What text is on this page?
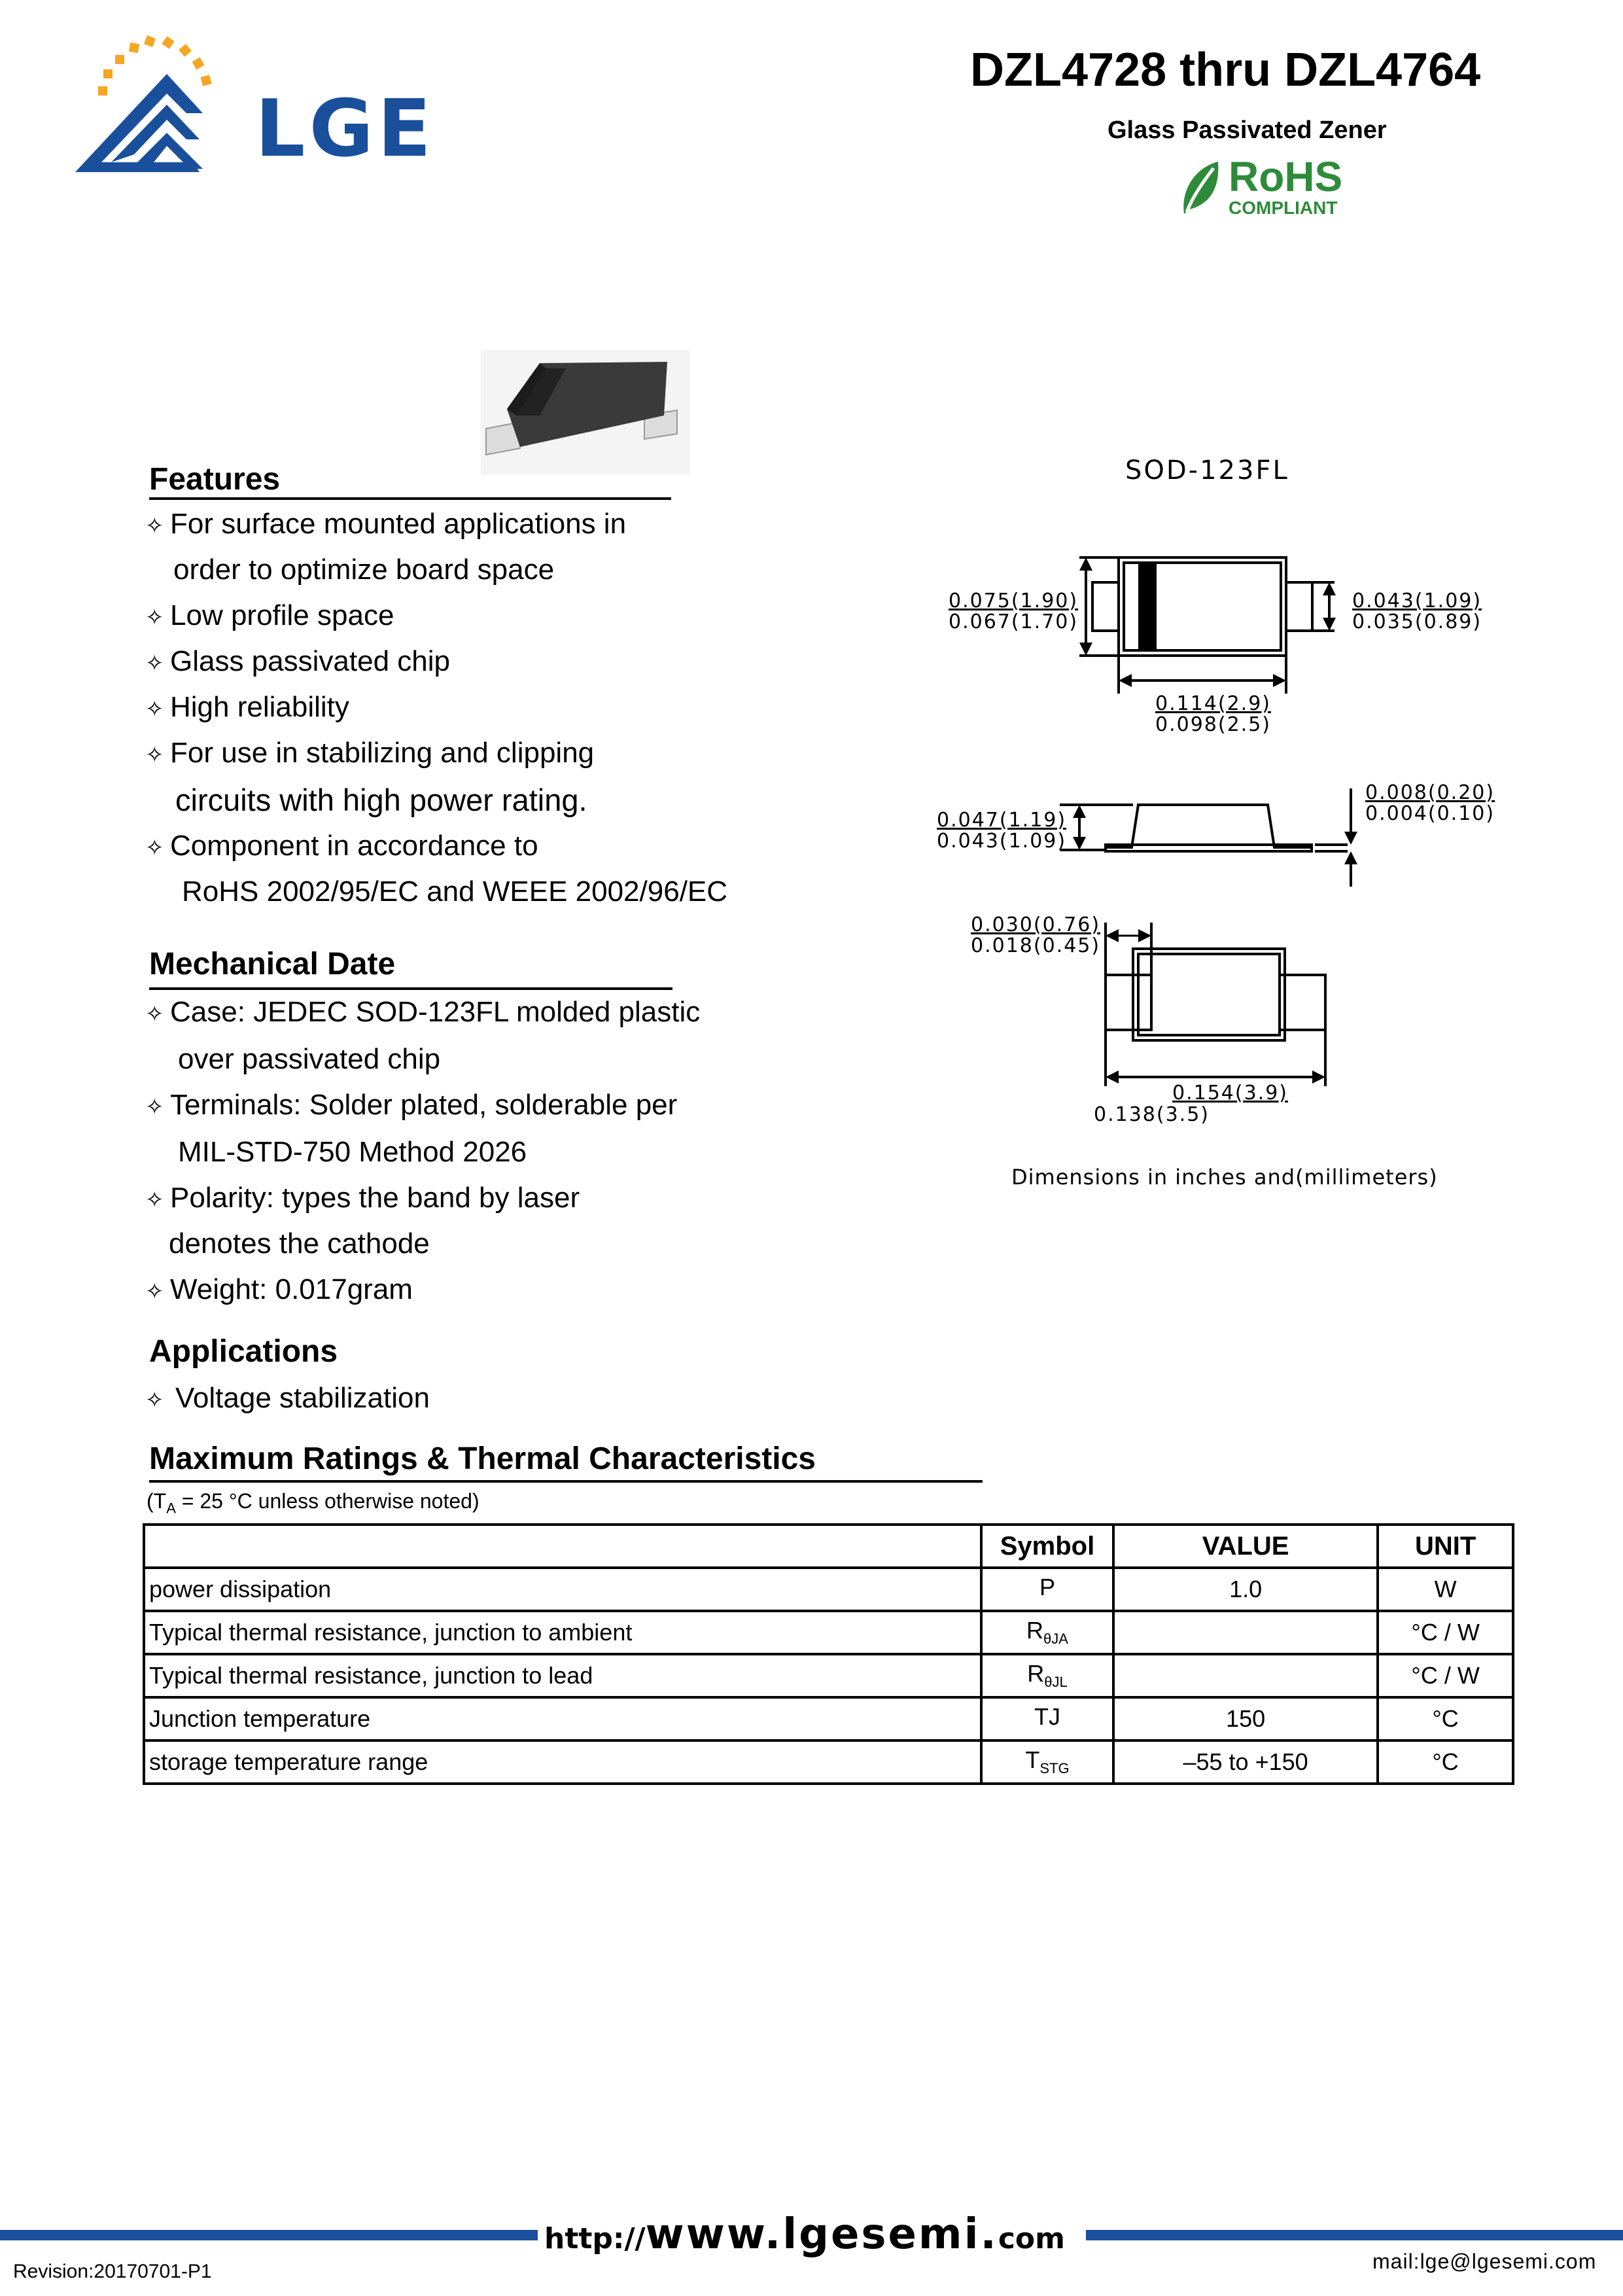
LGE
DZL4728 thru DZL4764
Glass Passivated Zener
RoHS
COMPLIANT
SOD-123FL
0.075(1.90)
0.067(1.70)
0.043(1.09)
0.035(0.89)
0.114(2.9)
0.098(2.5)
0.047(1.19)
0.043(1.09)
0.008(0.20)
0.004(0.10)
0.030(0.76)
0.018(0.45)
0.154(3.9)
0.138(3.5)
Dimensions in inches and(millimeters)
Features
✧ For surface mounted applications in
order to optimize board space
✧ Low profile space
✧ Glass passivated chip
✧ High reliability
✧ For use in stabilizing and clipping
circuits with high power rating.
✧ Component in accordance to
RoHS 2002/95/EC and WEEE 2002/96/EC
Mechanical Date
✧ Case: JEDEC SOD-123FL molded plastic
over passivated chip
✧ Terminals: Solder plated, solderable per
MIL-STD-750 Method 2026
✧ Polarity: types the band by laser
denotes the cathode
✧ Weight: 0.017gram
Applications
✧ Voltage stabilization
Maximum Ratings & Thermal Characteristics
($T_A = 25$ °C unless otherwise noted)
	Symbol	VALUE	UNIT
power dissipation	P	1.0	W
Typical thermal resistance, junction to ambient	$R_{\theta JA}$		°C / W
Typical thermal resistance, junction to lead	$R_{\theta JL}$		°C / W
Junction temperature	TJ	150	°C
storage temperature range	$T_{STG}$	–55 to +150	°C
http://www.lgesemi.com
Revision:20170701-P1	mail:lge@lgesemi.com
